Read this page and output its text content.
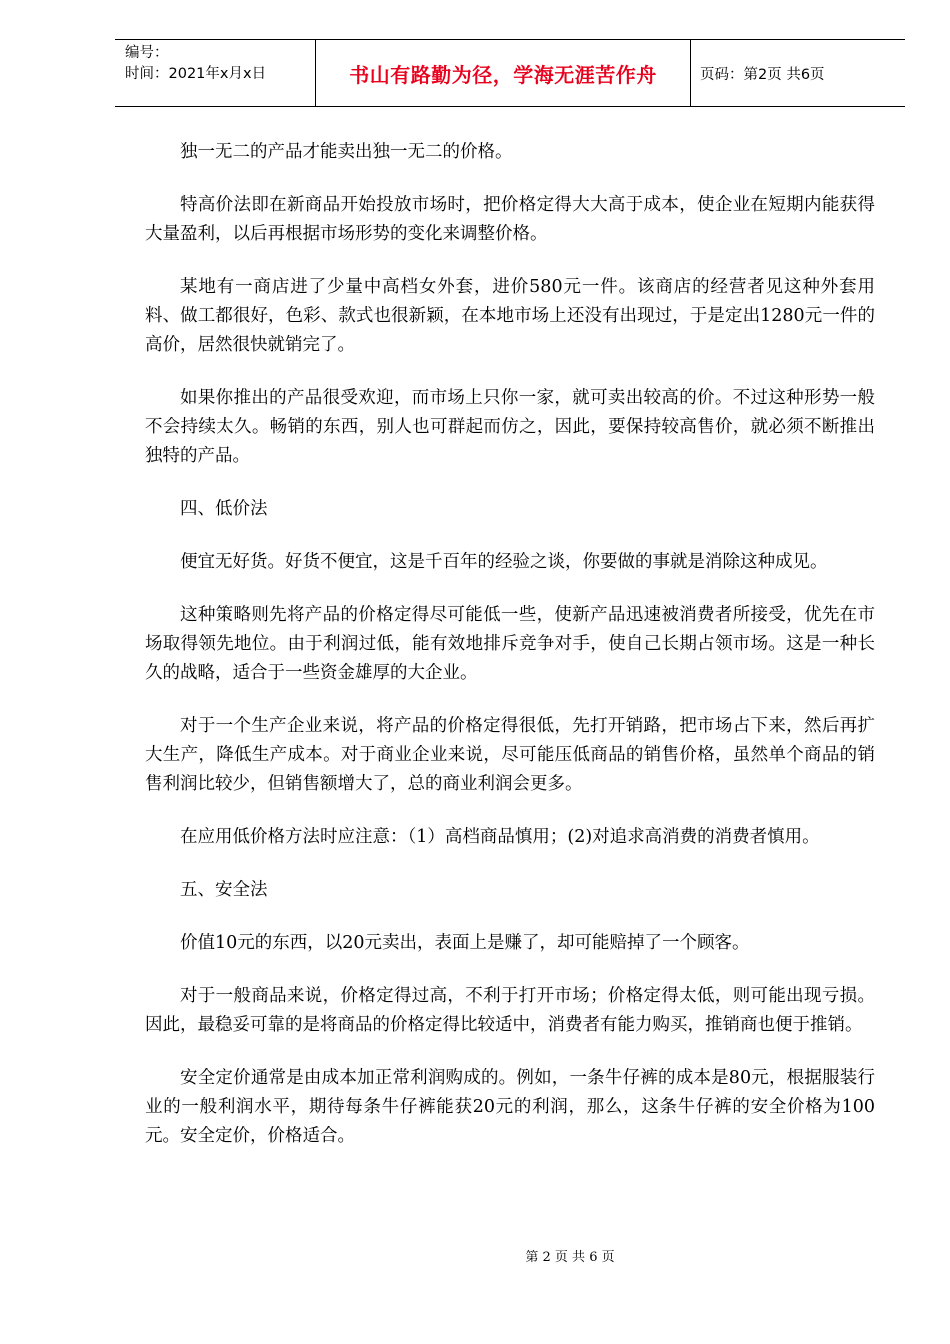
编号：
时间：2021年x月x日	书山有路勤为径，学海无涯苦作舟	页码：第2页 共6页

独一无二的产品才能卖出独一无二的价格。

特高价法即在新商品开始投放市场时，把价格定得大大高于成本，使企业在短期内能获得大量盈利，以后再根据市场形势的变化来调整价格。

某地有一商店进了少量中高档女外套，进价580元一件。该商店的经营者见这种外套用料、做工都很好，色彩、款式也很新颖，在本地市场上还没有出现过，于是定出1280元一件的高价，居然很快就销完了。

如果你推出的产品很受欢迎，而市场上只你一家，就可卖出较高的价。不过这种形势一般不会持续太久。畅销的东西，别人也可群起而仿之，因此，要保持较高售价，就必须不断推出独特的产品。

四、低价法

便宜无好货。好货不便宜，这是千百年的经验之谈，你要做的事就是消除这种成见。

这种策略则先将产品的价格定得尽可能低一些，使新产品迅速被消费者所接受，优先在市场取得领先地位。由于利润过低，能有效地排斥竞争对手，使自己长期占领市场。这是一种长久的战略，适合于一些资金雄厚的大企业。

对于一个生产企业来说，将产品的价格定得很低，先打开销路，把市场占下来，然后再扩大生产，降低生产成本。对于商业企业来说，尽可能压低商品的销售价格，虽然单个商品的销售利润比较少，但销售额增大了，总的商业利润会更多。

在应用低价格方法时应注意：（1）高档商品慎用；(2)对追求高消费的消费者慎用。

五、安全法

价值10元的东西，以20元卖出，表面上是赚了，却可能赔掉了一个顾客。

对于一般商品来说，价格定得过高，不利于打开市场；价格定得太低，则可能出现亏损。因此，最稳妥可靠的是将商品的价格定得比较适中，消费者有能力购买，推销商也便于推销。

安全定价通常是由成本加正常利润购成的。例如，一条牛仔裤的成本是80元，根据服装行业的一般利润水平，期待每条牛仔裤能获20元的利润，那么，这条牛仔裤的安全价格为100元。安全定价，价格适合。

第 2 页 共 6 页
